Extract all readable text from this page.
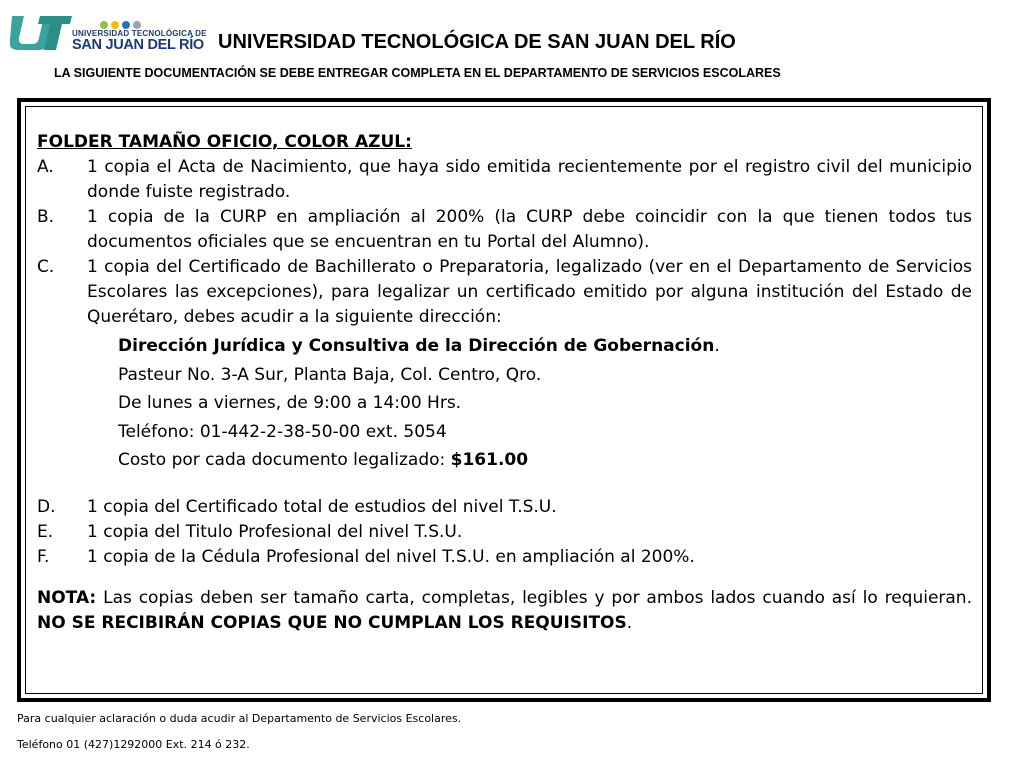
UNIVERSIDAD TECNOLÓGICA DE
SAN JUAN DEL RÍO UNIVERSIDAD TECNOLÓGICA DE SAN JUAN DEL RÍO
LA SIGUIENTE DOCUMENTACIÓN SE DEBE ENTREGAR COMPLETA EN EL DEPARTAMENTO DE SERVICIOS ESCOLARES

FOLDER TAMAÑO OFICIO, COLOR AZUL:

A.	1 copia el Acta de Nacimiento, que haya sido emitida recientemente por el registro civil del municipio donde fuiste registrado.
B.	1 copia de la CURP en ampliación al 200% (la CURP debe coincidir con la que tienen todos tus documentos oficiales que se encuentran en tu Portal del Alumno).
C.	1 copia del Certificado de Bachillerato o Preparatoria, legalizado (ver en el Departamento de Servicios Escolares las excepciones), para legalizar un certificado emitido por alguna institución del Estado de Querétaro, debes acudir a la siguiente dirección:
Dirección Jurídica y Consultiva de la Dirección de Gobernación.
Pasteur No. 3-A Sur, Planta Baja, Col. Centro, Qro.
De lunes a viernes, de 9:00 a 14:00 Hrs.
Teléfono: 01-442-2-38-50-00 ext. 5054
Costo por cada documento legalizado: $161.00
D.	1 copia del Certificado total de estudios del nivel T.S.U.
E.	1 copia del Titulo Profesional del nivel T.S.U.
F.	1 copia de la Cédula Profesional del nivel T.S.U. en ampliación al 200%.
NOTA: Las copias deben ser tamaño carta, completas, legibles y por ambos lados cuando así lo requieran. NO SE RECIBIRÁN COPIAS QUE NO CUMPLAN LOS REQUISITOS.
Para cualquier aclaración o duda acudir al Departamento de Servicios Escolares.
Teléfono 01 (427)1292000 Ext. 214 ó 232.
